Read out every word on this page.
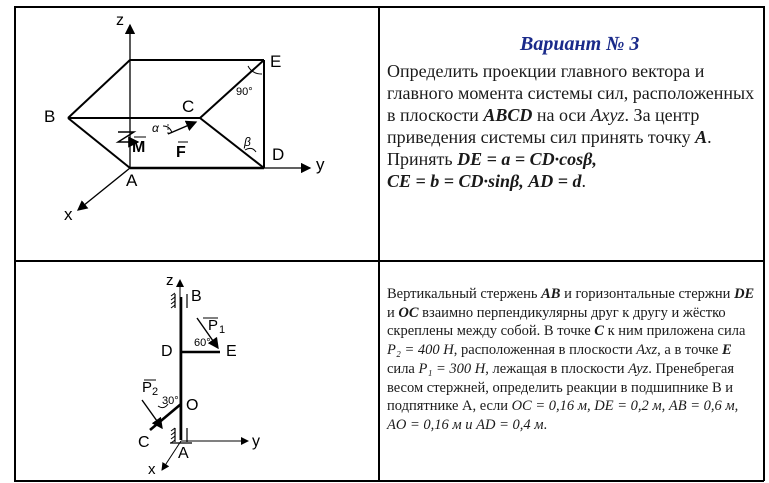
z
E
B
C
M F	D
y
A
x
90°
α
β
Вариант № 3
Определить проекции главного вектора и главного момента системы сил, расположенных в плоскости ABCD на оси Axyz. За центр приведения системы сил принять точку A.
Принять DE = a = CD·cosβ,
CE = b = CD·sinβ, AD = d.
z
B
P 1
D	E
60°
P 2
30° O
C
A
y
x
Вертикальный стержень AB и горизонтальные стержни DE и OC взаимно перпендикулярны друг к другу и жёстко скреплены между собой. В точке C к ним приложена сила P₂ = 400 Н, расположенная в плоскости Axz, а в точке E сила P₁ = 300 Н, лежащая в плоскости Ayz. Пренебрегая весом стержней, определить реакции в подшипнике B и подпятнике A, если OC = 0,16 м, DE = 0,2 м, AB = 0,6 м, AO = 0,16 м и AD = 0,4 м.
